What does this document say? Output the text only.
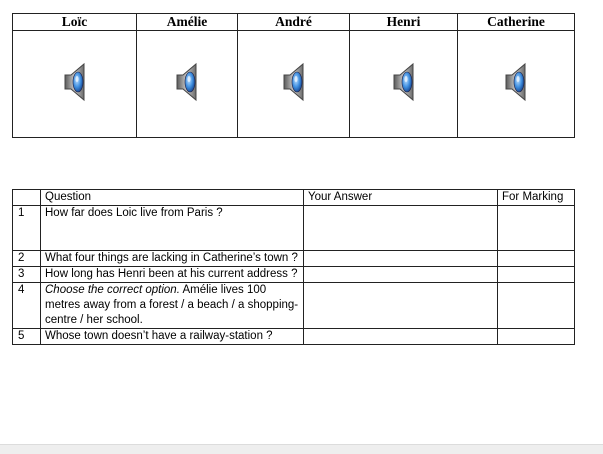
Loïc	Amélie	André	Henri	Catherine

	Question	Your Answer	For Marking
1	How far does Loic live from Paris ?		
2	What four things are lacking in Catherine’s town ?		
3	How long has Henri been at his current address ?		
4	Choose the correct option. Amélie lives 100 metres away from a forest / a beach / a shopping-centre / her school.		
5	Whose town doesn’t have a railway-station ?		
